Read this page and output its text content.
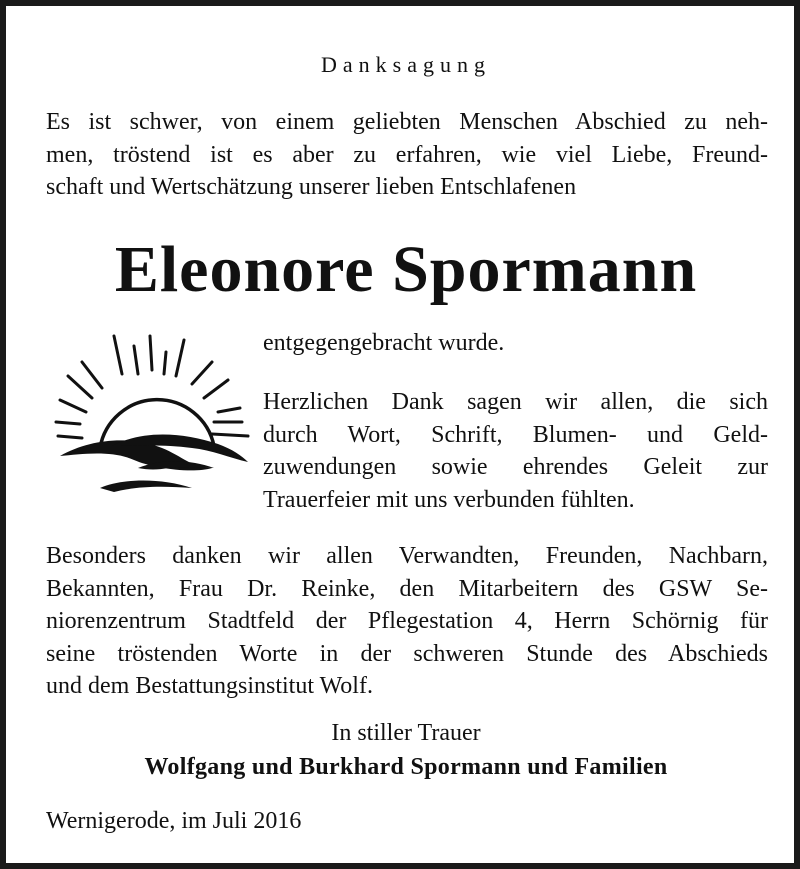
Danksagung
Es ist schwer, von einem geliebten Menschen Abschied zu neh-
men, tröstend ist es aber zu erfahren, wie viel Liebe, Freund-
schaft und Wertschätzung unserer lieben Entschlafenen
Eleonore Spormann
entgegengebracht wurde.
Herzlichen Dank sagen wir allen, die sich
durch Wort, Schrift, Blumen- und Geld-
zuwendungen sowie ehrendes Geleit zur
Trauerfeier mit uns verbunden fühlten.
Besonders danken wir allen Verwandten, Freunden, Nachbarn,
Bekannten, Frau Dr. Reinke, den Mitarbeitern des GSW Se-
niorenzentrum Stadtfeld der Pflegestation 4, Herrn Schörnig für
seine tröstenden Worte in der schweren Stunde des Abschieds
und dem Bestattungsinstitut Wolf.
In stiller Trauer
Wolfgang und Burkhard Spormann und Familien
Wernigerode, im Juli 2016
